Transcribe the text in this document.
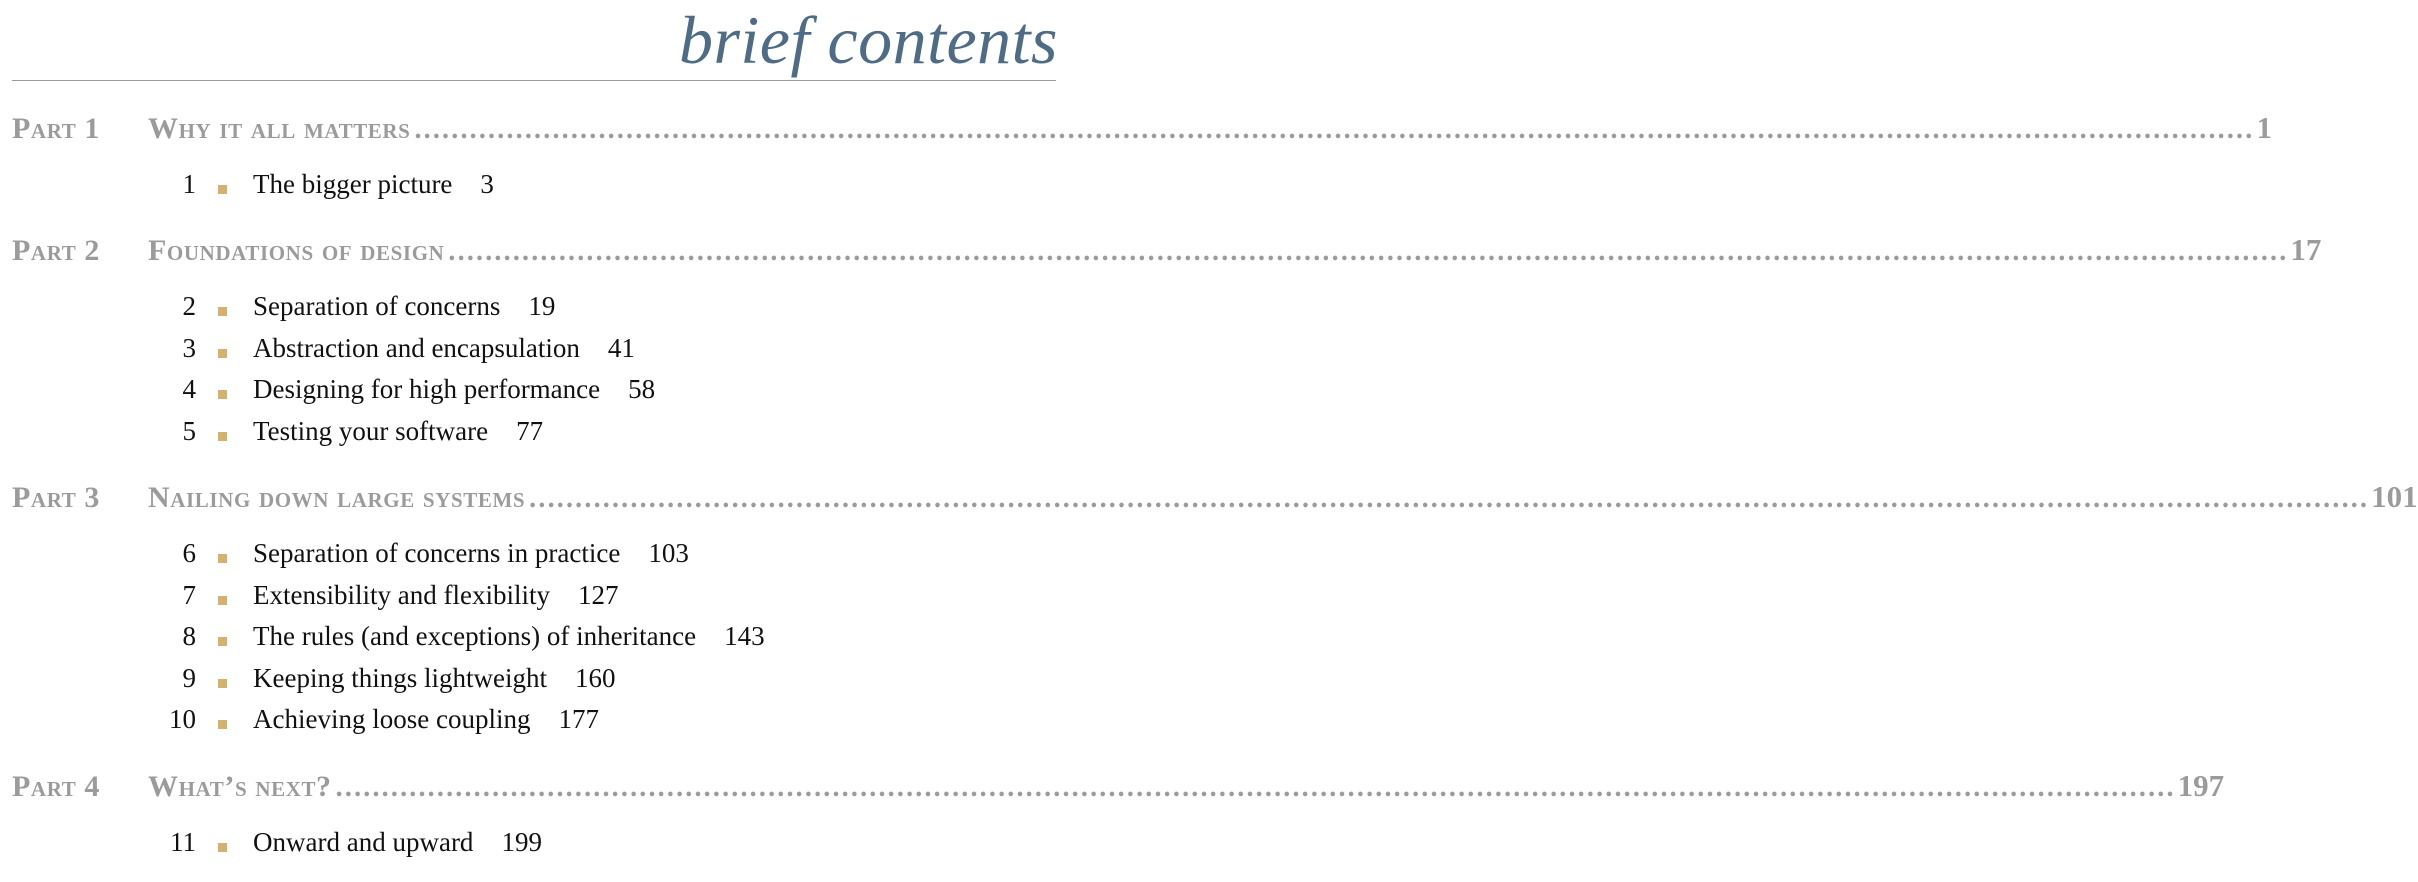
brief contents
Part 1	Why it all matters ........................................................................................................................................................................................................ 1
1 The bigger picture 3
Part 2	Foundations of design ........................................................................................................................................................................................................ 17
2 Separation of concerns 19
3 Abstraction and encapsulation 41
4 Designing for high performance 58
5 Testing your software 77
Part 3	Nailing down large systems ........................................................................................................................................................................................................ 101
6 Separation of concerns in practice 103
7 Extensibility and flexibility 127
8 The rules (and exceptions) of inheritance 143
9 Keeping things lightweight 160
10 Achieving loose coupling 177
Part 4	What’s next? ........................................................................................................................................................................................................ 197
11 Onward and upward 199
